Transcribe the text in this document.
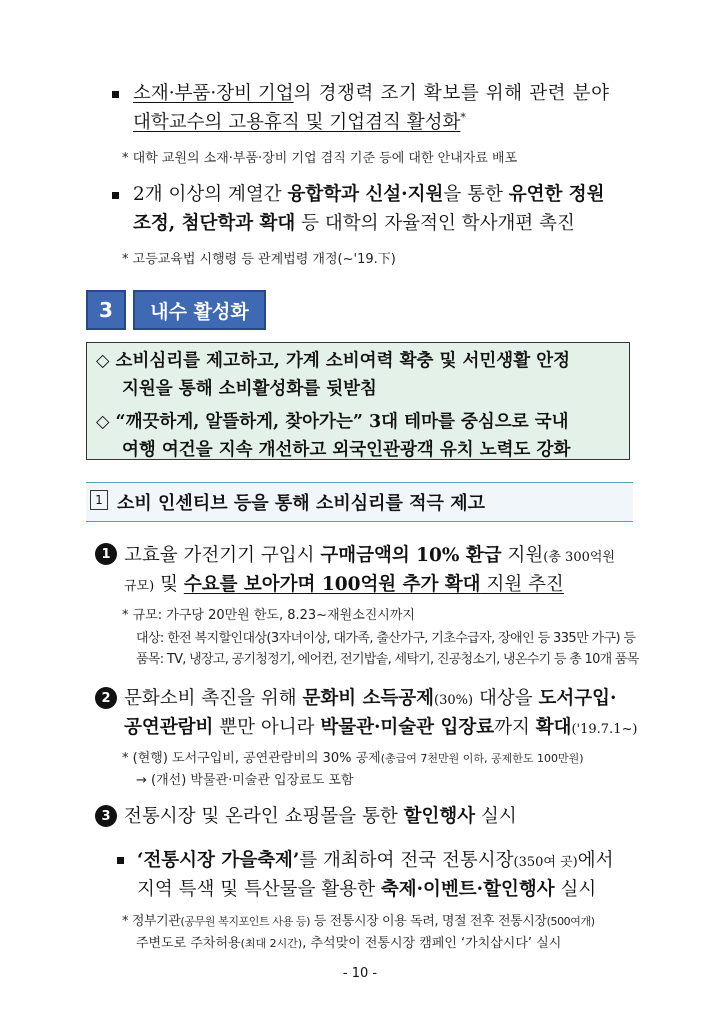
소재·부품·장비 기업의 경쟁력 조기 확보를 위해 관련 분야
대학교수의 고용휴직 및 기업겸직 활성화*
* 대학 교원의 소재·부품·장비 기업 겸직 기준 등에 대한 안내자료 배포
2개 이상의 계열간 융합학과 신설·지원을 통한 유연한 정원
조정, 첨단학과 확대 등 대학의 자율적인 학사개편 촉진
* 고등교육법 시행령 등 관계법령 개정(~'19.下)
3	내수 활성화
◇ 소비심리를 제고하고, 가계 소비여력 확충 및 서민생활 안정
지원을 통해 소비활성화를 뒷받침
◇ “깨끗하게, 알뜰하게, 찾아가는” 3대 테마를 중심으로 국내
여행 여건을 지속 개선하고 외국인관광객 유치 노력도 강화
1 소비 인센티브 등을 통해 소비심리를 적극 제고
1 고효율 가전기기 구입시 구매금액의 10% 환급 지원(총 300억원
규모) 및 수요를 보아가며 100억원 추가 확대 지원 추진
* 규모: 가구당 20만원 한도, 8.23~재원소진시까지
대상: 한전 복지할인대상(3자녀이상, 대가족, 출산가구, 기초수급자, 장애인 등 335만 가구) 등
품목: TV, 냉장고, 공기청정기, 에어컨, 전기밥솥, 세탁기, 진공청소기, 냉온수기 등 총 10개 품목
2 문화소비 촉진을 위해 문화비 소득공제(30%) 대상을 도서구입·
공연관람비 뿐만 아니라 박물관·미술관 입장료까지 확대('19.7.1~)
* (현행) 도서구입비, 공연관람비의 30% 공제(총급여 7천만원 이하, 공제한도 100만원)
→ (개선) 박물관·미술관 입장료도 포함
3 전통시장 및 온라인 쇼핑몰을 통한 할인행사 실시
‘전통시장 가을축제’를 개최하여 전국 전통시장(350여 곳)에서
지역 특색 및 특산물을 활용한 축제·이벤트·할인행사 실시
* 정부기관(공무원 복지포인트 사용 등) 등 전통시장 이용 독려, 명절 전후 전통시장(500여개)
주변도로 주차허용(최대 2시간), 추석맞이 전통시장 캠페인 ‘가치삽시다’ 실시
- 10 -
